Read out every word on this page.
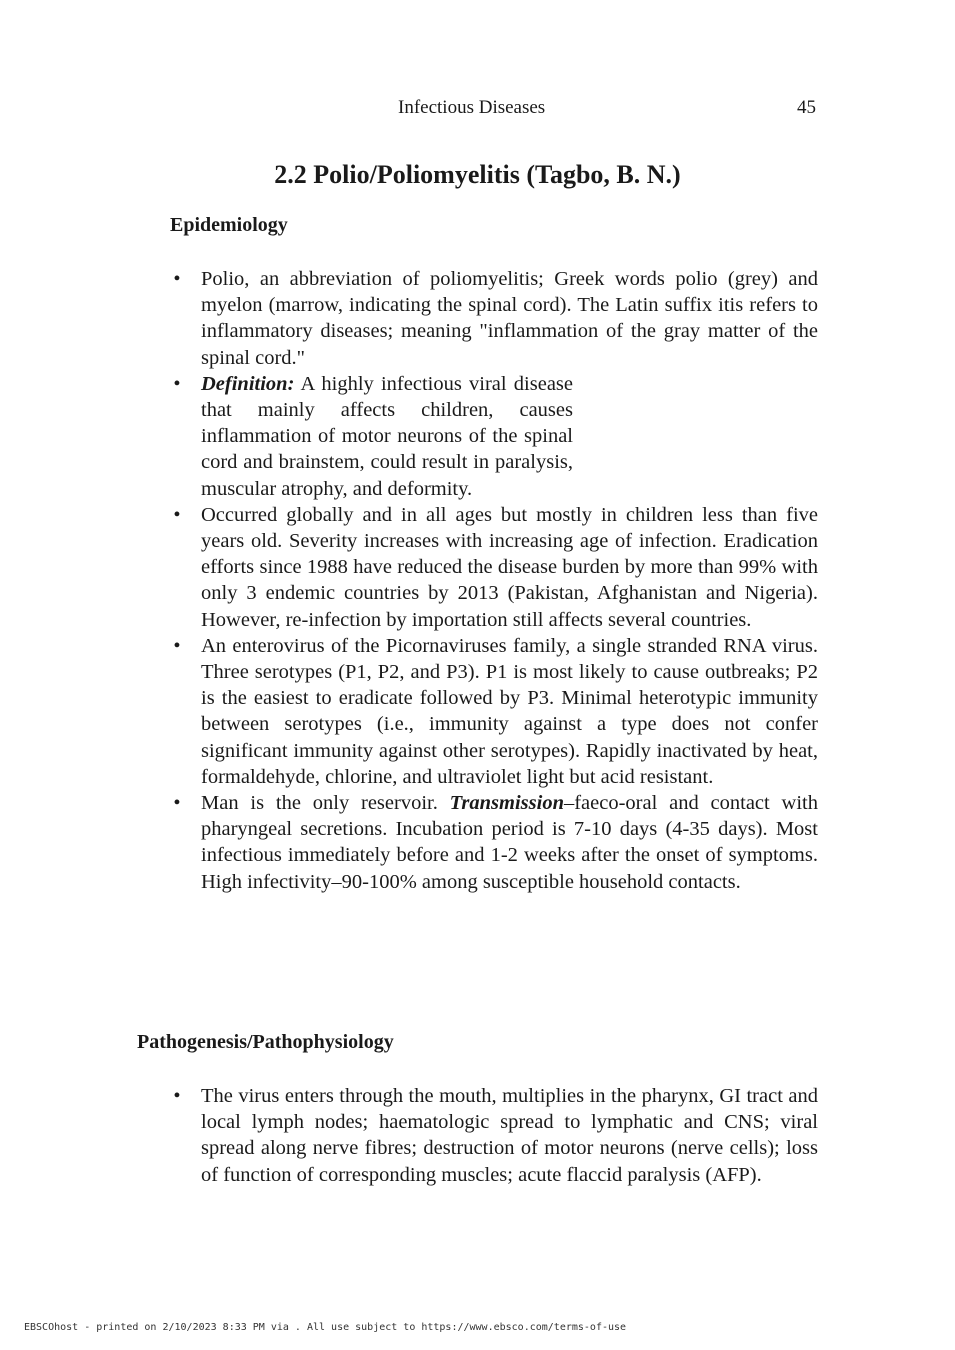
Infectious Diseases	45
2.2 Polio/Poliomyelitis (Tagbo, B. N.)
Epidemiology
• Polio, an abbreviation of poliomyelitis; Greek words polio (grey) and myelon (marrow, indicating the spinal cord). The Latin suffix itis refers to inflammatory diseases; meaning "inflammation of the gray matter of the spinal cord."
• Definition: A highly infectious viral disease that mainly affects children, causes inflammation of motor neurons of the spinal cord and brainstem, could result in paralysis, muscular atrophy, and deformity.
• Occurred globally and in all ages but mostly in children less than five years old. Severity increases with increasing age of infection. Eradication efforts since 1988 have reduced the disease burden by more than 99% with only 3 endemic countries by 2013 (Pakistan, Afghanistan and Nigeria). However, re-infection by importation still affects several countries.
• An enterovirus of the Picornaviruses family, a single stranded RNA virus. Three serotypes (P1, P2, and P3). P1 is most likely to cause outbreaks; P2 is the easiest to eradicate followed by P3. Minimal heterotypic immunity between serotypes (i.e., immunity against a type does not confer significant immunity against other serotypes). Rapidly inactivated by heat, formaldehyde, chlorine, and ultraviolet light but acid resistant.
• Man is the only reservoir. Transmission–faeco-oral and contact with pharyngeal secretions. Incubation period is 7-10 days (4-35 days). Most infectious immediately before and 1-2 weeks after the onset of symptoms. High infectivity–90-100% among susceptible household contacts.
Pathogenesis/Pathophysiology
• The virus enters through the mouth, multiplies in the pharynx, GI tract and local lymph nodes; haematologic spread to lymphatic and CNS; viral spread along nerve fibres; destruction of motor neurons (nerve cells); loss of function of corresponding muscles; acute flaccid paralysis (AFP).
EBSCOhost - printed on 2/10/2023 8:33 PM via . All use subject to https://www.ebsco.com/terms-of-use
